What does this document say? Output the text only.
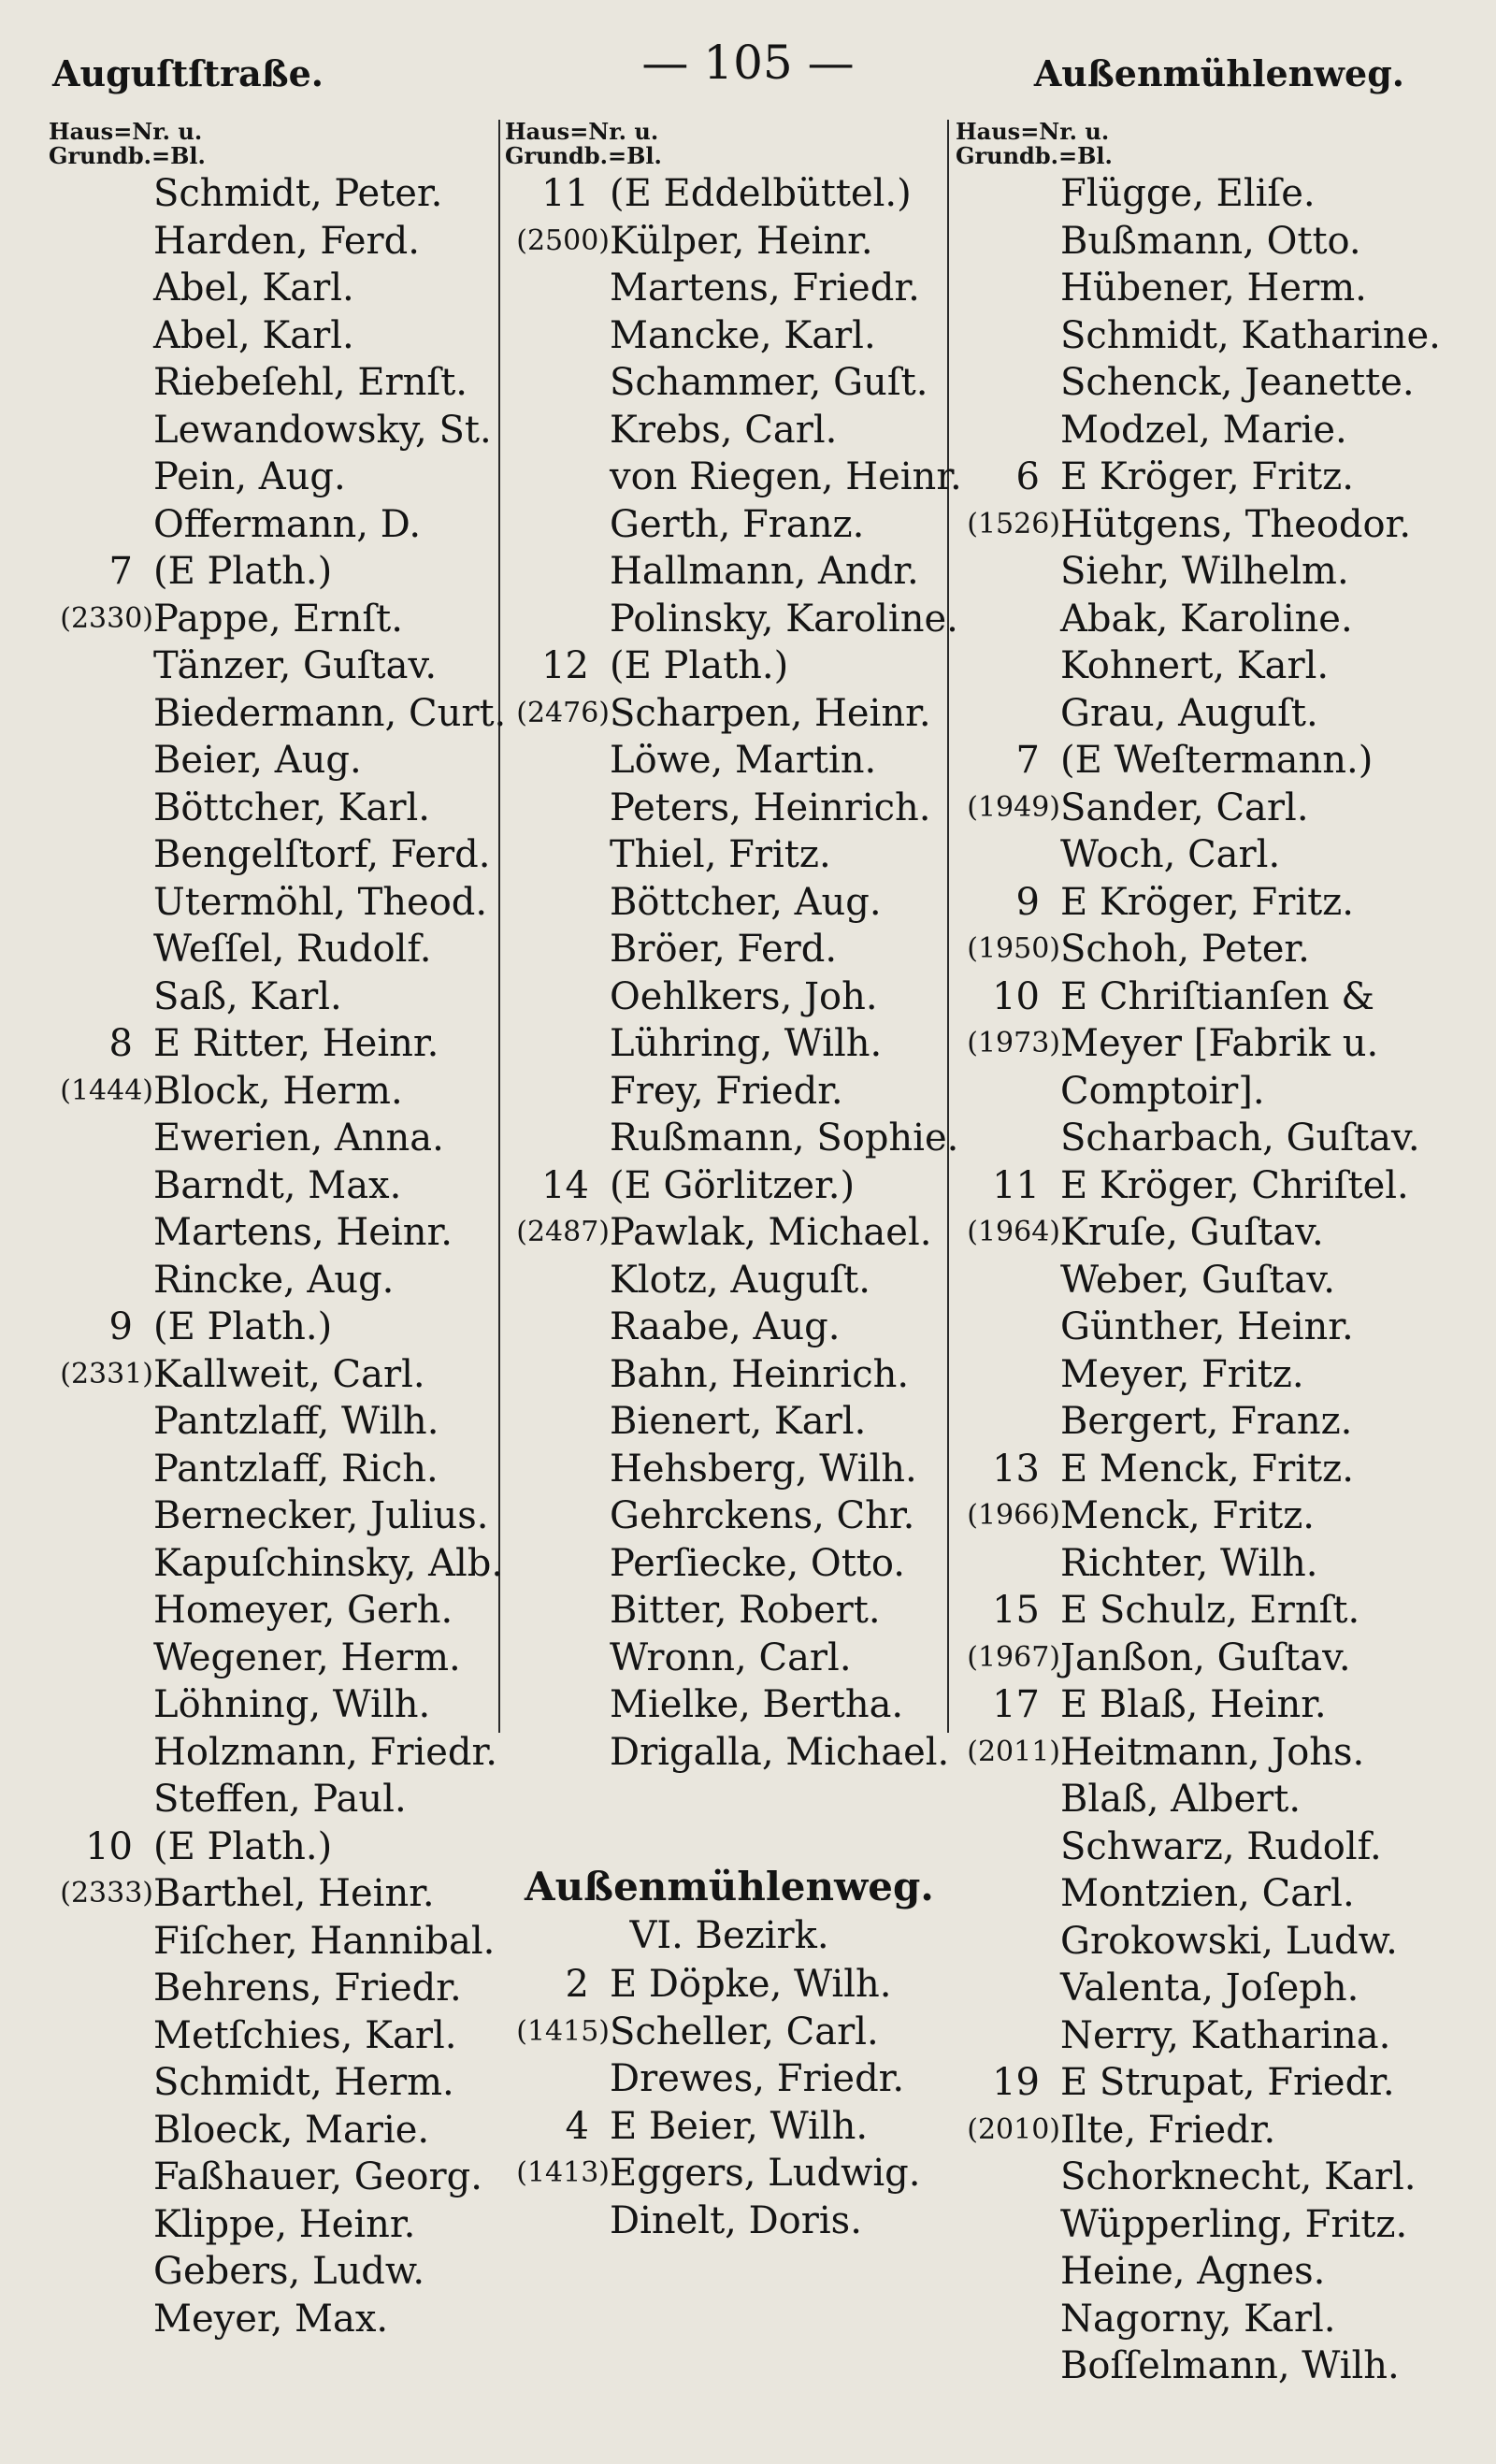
Auguſtſtraße.	— 105 —	Außenmühlenweg.
Haus=Nr. u.
Grundb.=Bl.
Schmidt, Peter.
Harden, Ferd.
Abel, Karl.
Abel, Karl.
Riebeſehl, Ernſt.
Lewandowsky, St.
Pein, Aug.
Offermann, D.
7 (E Plath.)
(2330) Pappe, Ernſt.
Tänzer, Guſtav.
Biedermann, Curt.
Beier, Aug.
Böttcher, Karl.
Bengelſtorf, Ferd.
Utermöhl, Theod.
Weſſel, Rudolf.
Saß, Karl.
8 E Ritter, Heinr.
(1444) Block, Herm.
Ewerien, Anna.
Barndt, Max.
Martens, Heinr.
Rincke, Aug.
9 (E Plath.)
(2331) Kallweit, Carl.
Pantzlaff, Wilh.
Pantzlaff, Rich.
Bernecker, Julius.
Kapuſchinsky, Alb.
Homeyer, Gerh.
Wegener, Herm.
Löhning, Wilh.
Holzmann, Friedr.
Steffen, Paul.
10 (E Plath.)
(2333) Barthel, Heinr.
Fiſcher, Hannibal.
Behrens, Friedr.
Metſchies, Karl.
Schmidt, Herm.
Bloeck, Marie.
Faßhauer, Georg.
Klippe, Heinr.
Gebers, Ludw.
Meyer, Max.
Haus=Nr. u.
Grundb.=Bl.
11 (E Eddelbüttel.)
(2500) Külper, Heinr.
Martens, Friedr.
Mancke, Karl.
Schammer, Guſt.
Krebs, Carl.
von Riegen, Heinr.
Gerth, Franz.
Hallmann, Andr.
Polinsky, Karoline.
12 (E Plath.)
(2476) Scharpen, Heinr.
Löwe, Martin.
Peters, Heinrich.
Thiel, Fritz.
Böttcher, Aug.
Bröer, Ferd.
Oehlkers, Joh.
Lühring, Wilh.
Frey, Friedr.
Rußmann, Sophie.
14 (E Görlitzer.)
(2487) Pawlak, Michael.
Klotz, Auguſt.
Raabe, Aug.
Bahn, Heinrich.
Bienert, Karl.
Hehsberg, Wilh.
Gehrckens, Chr.
Perſiecke, Otto.
Bitter, Robert.
Wronn, Carl.
Mielke, Bertha.
Drigalla, Michael.
Außenmühlenweg.
VI. Bezirk.
2 E Döpke, Wilh.
(1415) Scheller, Carl.
Drewes, Friedr.
4 E Beier, Wilh.
(1413) Eggers, Ludwig.
Dinelt, Doris.
Haus=Nr. u.
Grundb.=Bl.
Flügge, Eliſe.
Bußmann, Otto.
Hübener, Herm.
Schmidt, Katharine.
Schenck, Jeanette.
Modzel, Marie.
6 E Kröger, Fritz.
(1526) Hütgens, Theodor.
Siehr, Wilhelm.
Abak, Karoline.
Kohnert, Karl.
Grau, Auguſt.
7 (E Weſtermann.)
(1949) Sander, Carl.
Woch, Carl.
9 E Kröger, Fritz.
(1950) Schoh, Peter.
10 E Chriſtianſen &
(1973) Meyer [Fabrik u.
Comptoir].
Scharbach, Guſtav.
11 E Kröger, Chriſtel.
(1964) Kruſe, Guſtav.
Weber, Guſtav.
Günther, Heinr.
Meyer, Fritz.
Bergert, Franz.
13 E Menck, Fritz.
(1966) Menck, Fritz.
Richter, Wilh.
15 E Schulz, Ernſt.
(1967) Janßon, Guſtav.
17 E Blaß, Heinr.
(2011) Heitmann, Johs.
Blaß, Albert.
Schwarz, Rudolf.
Montzien, Carl.
Grokowski, Ludw.
Valenta, Joſeph.
Nerry, Katharina.
19 E Strupat, Friedr.
(2010) Ilte, Friedr.
Schorknecht, Karl.
Wüpperling, Fritz.
Heine, Agnes.
Nagorny, Karl.
Boſſelmann, Wilh.
